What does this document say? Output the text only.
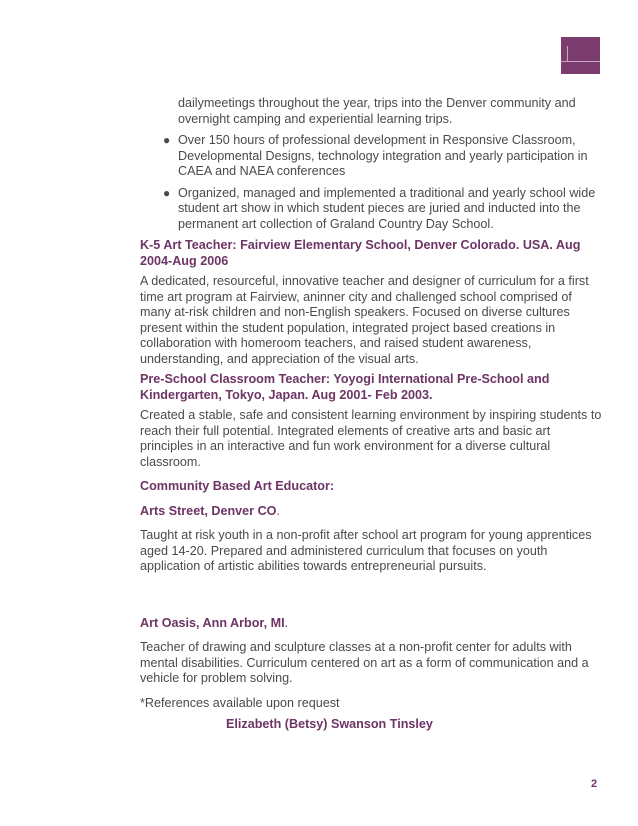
dailymeetings throughout the year, trips into the Denver community and overnight camping and experiential learning trips.

● Over 150 hours of professional development in Responsive Classroom, Developmental Designs, technology integration and yearly participation in CAEA and NAEA conferences
● Organized, managed and implemented a traditional and yearly school wide student art show in which student pieces are juried and inducted into the permanent art collection of Graland Country Day School.
K-5 Art Teacher: Fairview Elementary School, Denver Colorado. USA. Aug 2004-Aug 2006

A dedicated, resourceful, innovative teacher and designer of curriculum for a first time art program at Fairview, aninner city and challenged school comprised of many at-risk children and non-English speakers. Focused on diverse cultures present within the student population, integrated project based creations in collaboration with homeroom teachers, and raised student awareness, understanding, and appreciation of the visual arts.

Pre-School Classroom Teacher: Yoyogi International Pre-School and Kindergarten, Tokyo, Japan. Aug 2001- Feb 2003.

Created a stable, safe and consistent learning environment by inspiring students to reach their full potential. Integrated elements of creative arts and basic art principles in an interactive and fun work environment for a diverse cultural classroom.

Community Based Art Educator:
Arts Street, Denver CO.

Taught at risk youth in a non-profit after school art program for young apprentices aged 14-20. Prepared and administered curriculum that focuses on youth application of artistic abilities towards entrepreneurial pursuits.

Art Oasis, Ann Arbor, MI.

Teacher of drawing and sculpture classes at a non-profit center for adults with mental disabilities. Curriculum centered on art as a form of communication and a vehicle for problem solving.

*References available upon request

Elizabeth (Betsy) Swanson Tinsley
2
